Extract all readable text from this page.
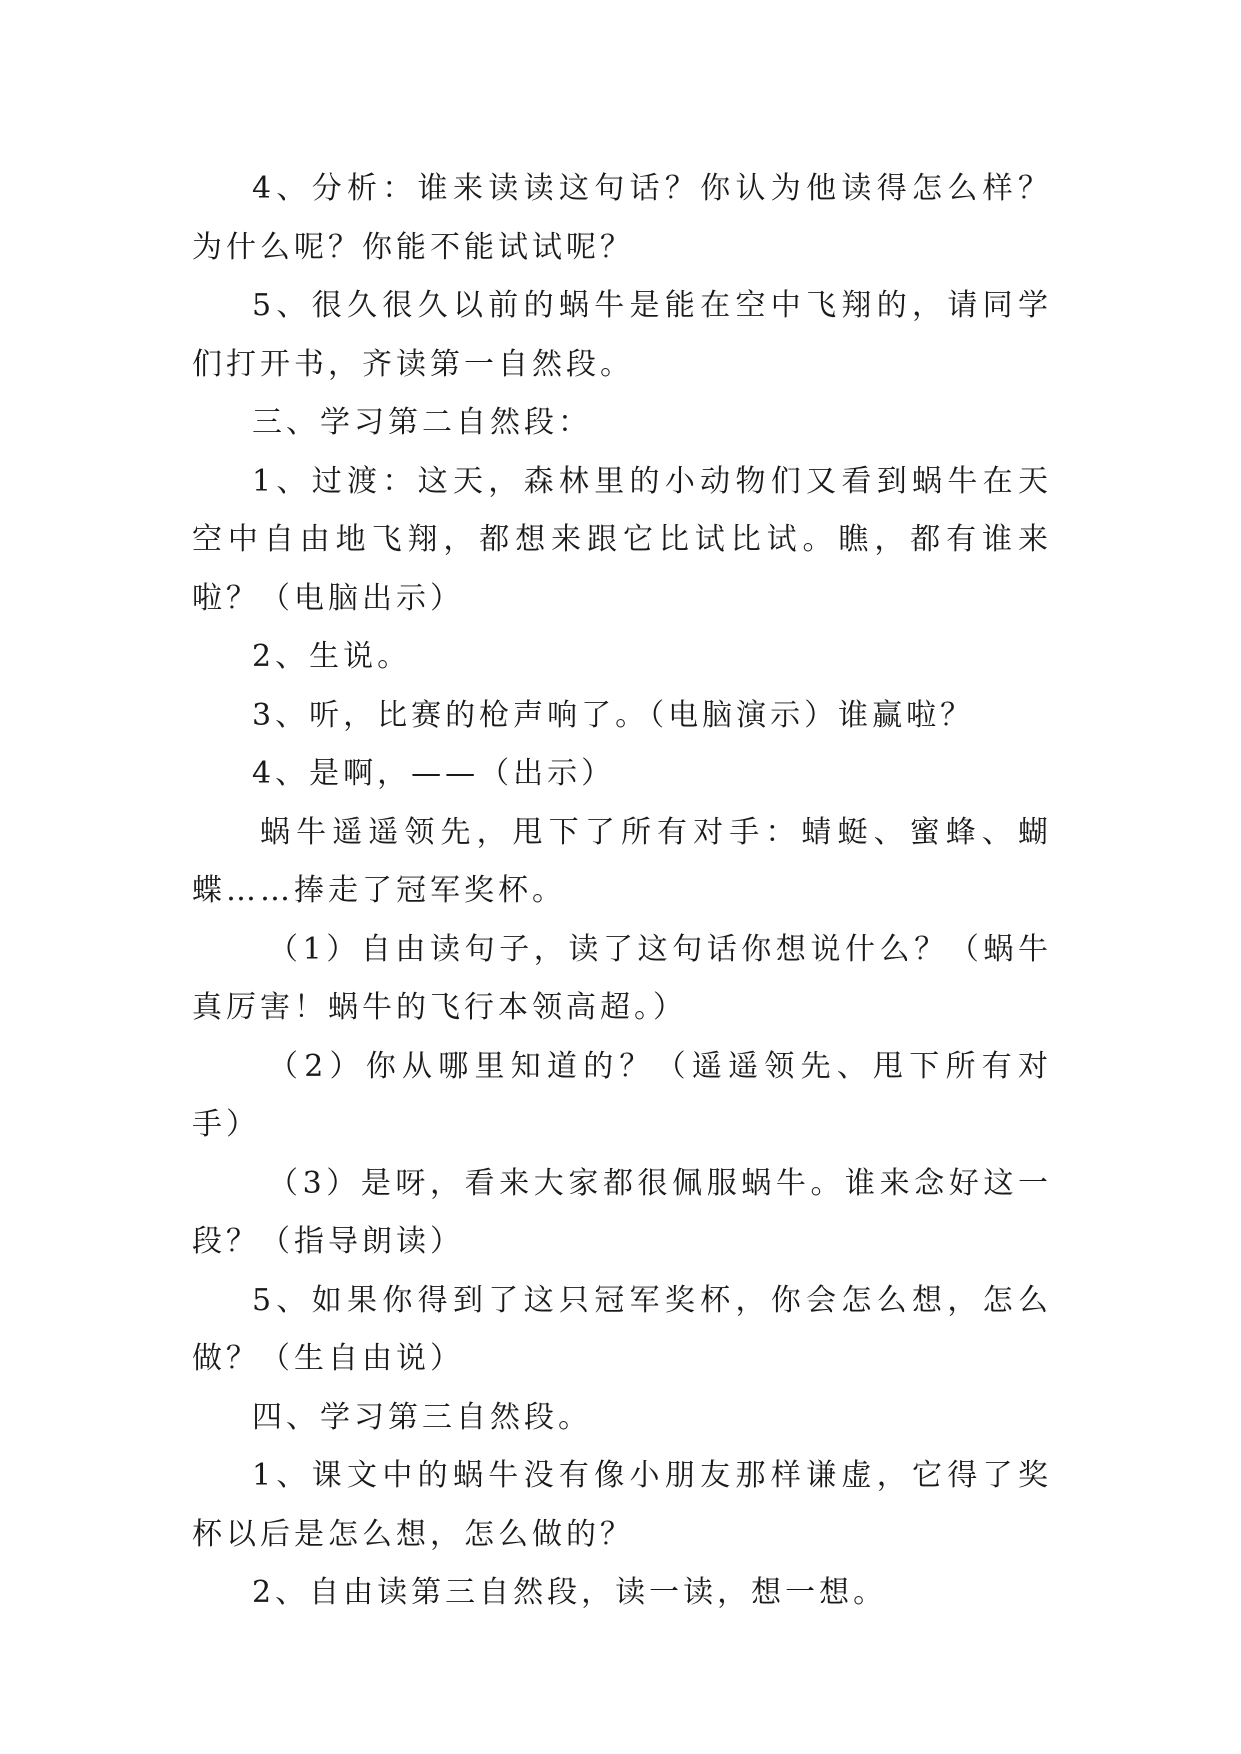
4、分析：谁来读读这句话？你认为他读得怎么样？为什么呢？你能不能试试呢？

5、很久很久以前的蜗牛是能在空中飞翔的，请同学们打开书，齐读第一自然段。

三、学习第二自然段：

1、过渡：这天，森林里的小动物们又看到蜗牛在天空中自由地飞翔，都想来跟它比试比试。瞧，都有谁来啦？（电脑出示）

2、生说。

3、听，比赛的枪声响了。（电脑演示）谁赢啦？

4、是啊，——（出示）

蜗牛遥遥领先，甩下了所有对手：蜻蜓、蜜蜂、蝴蝶……捧走了冠军奖杯。

（1）自由读句子，读了这句话你想说什么？（蜗牛真厉害！蜗牛的飞行本领高超。）

（2）你从哪里知道的？（遥遥领先、甩下所有对手）

（3）是呀，看来大家都很佩服蜗牛。谁来念好这一段？（指导朗读）

5、如果你得到了这只冠军奖杯，你会怎么想，怎么做？（生自由说）

四、学习第三自然段。

1、课文中的蜗牛没有像小朋友那样谦虚，它得了奖杯以后是怎么想，怎么做的？

2、自由读第三自然段，读一读，想一想。
